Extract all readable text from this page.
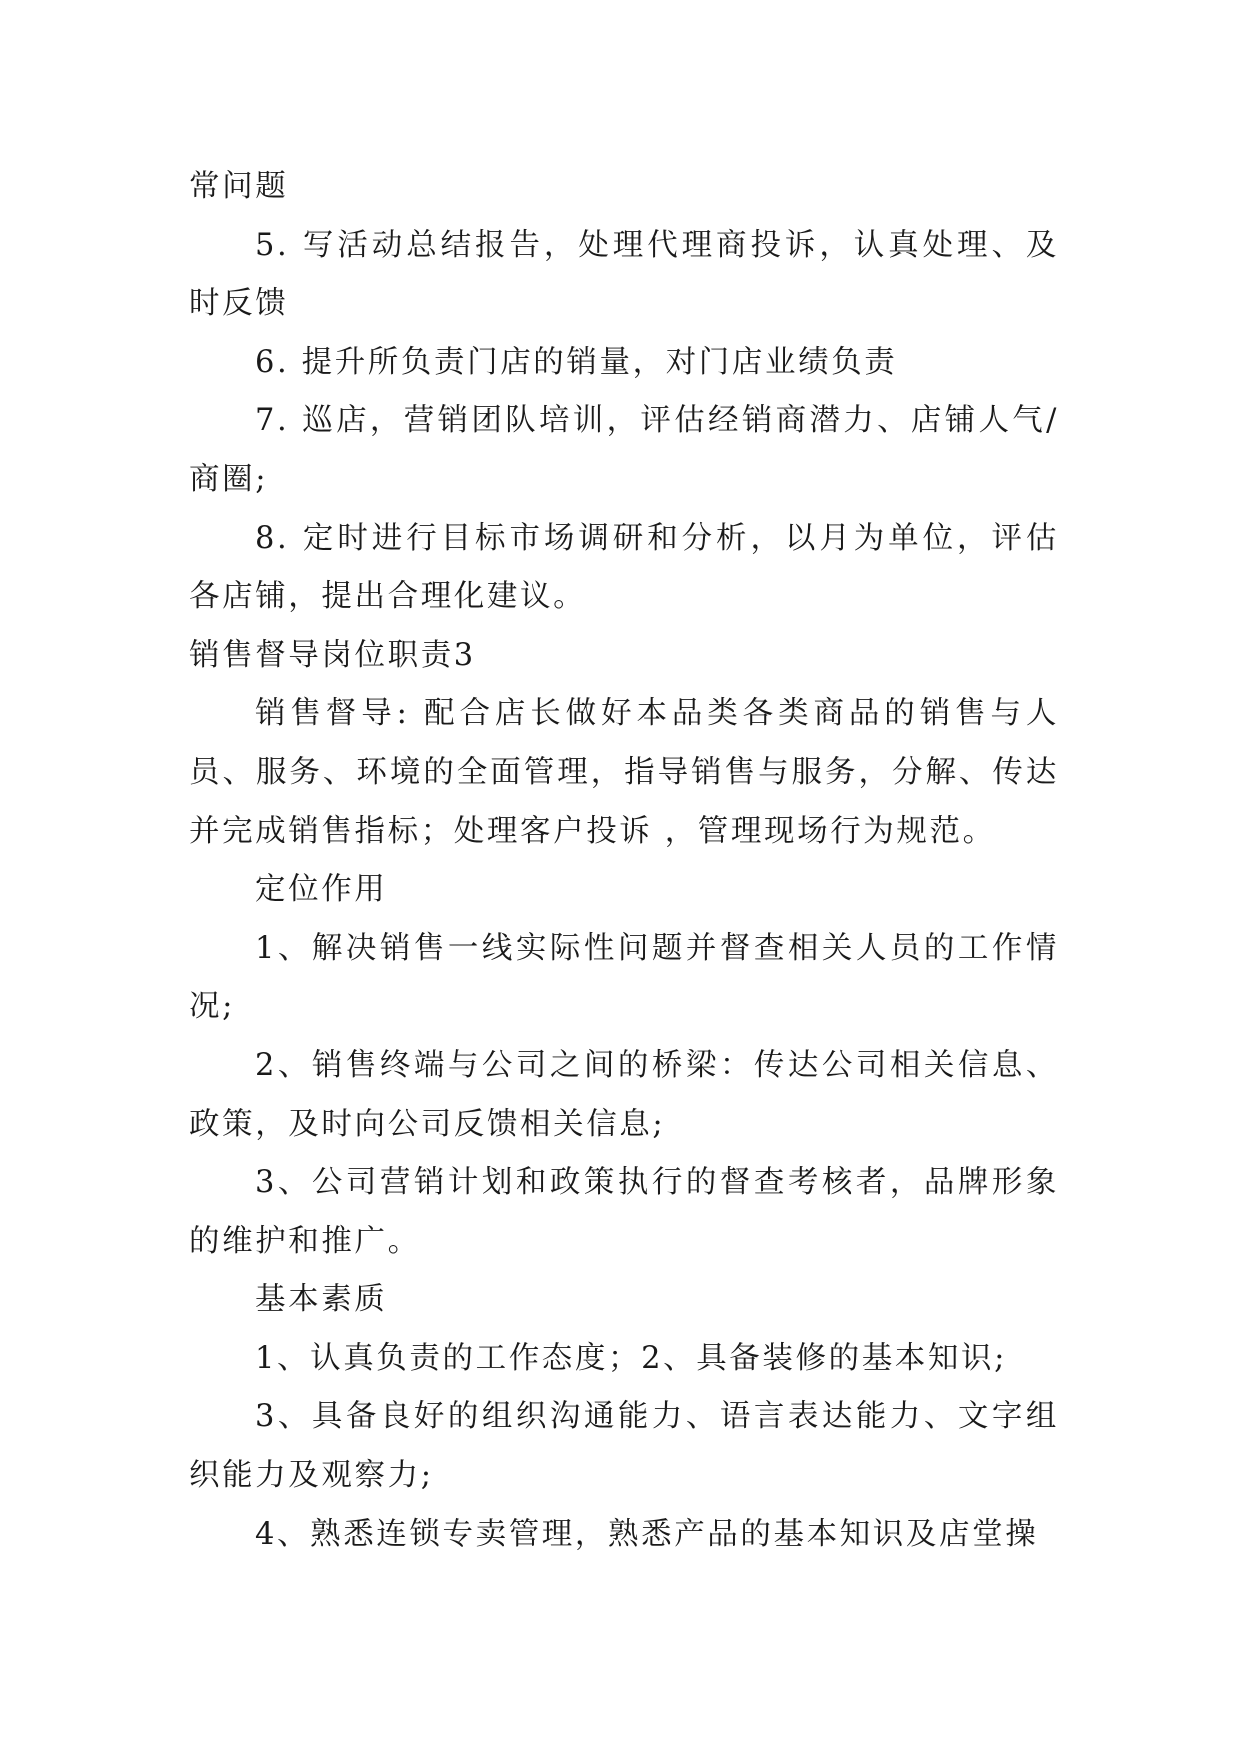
常问题

5. 写活动总结报告，处理代理商投诉，认真处理、及时反馈

6. 提升所负责门店的销量，对门店业绩负责

7. 巡店，营销团队培训，评估经销商潜力、店铺人气/商圈;

8. 定时进行目标市场调研和分析，以月为单位，评估各店铺，提出合理化建议。

销售督导岗位职责3

销售督导: 配合店长做好本品类各类商品的销售与人员、服务、环境的全面管理，指导销售与服务，分解、传达并完成销售指标；处理客户投诉 ，管理现场行为规范。

定位作用

1、解决销售一线实际性问题并督查相关人员的工作情况;

2、销售终端与公司之间的桥梁：传达公司相关信息、政策，及时向公司反馈相关信息;

3、公司营销计划和政策执行的督查考核者，品牌形象的维护和推广。

基本素质

1、认真负责的工作态度；2、具备装修的基本知识;

3、具备良好的组织沟通能力、语言表达能力、文字组织能力及观察力;

4、熟悉连锁专卖管理，熟悉产品的基本知识及店堂操
